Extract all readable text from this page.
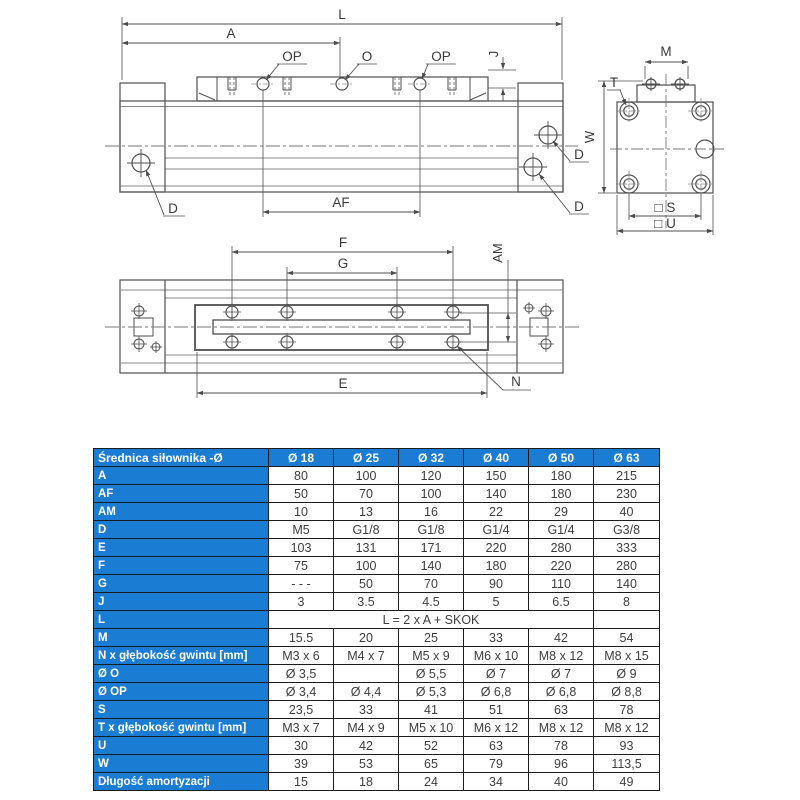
L
A
OP	O	OP	J
AF
D
D
D
M
T
W
□ S
□ U
F
G
AM
E	N
Średnica siłownika -Ø	Ø 18	Ø 25	Ø 32	Ø 40	Ø 50	Ø 63
A	80	100	120	150	180	215
AF	50	70	100	140	180	230
AM	10	13	16	22	29	40
D	M5	G1/8	G1/8	G1/4	G1/4	G3/8
E	103	131	171	220	280	333
F	75	100	140	180	220	280
G	- - -	50	70	90	110	140
J	3	3.5	4.5	5	6.5	8
L	L = 2 x A + SKOK					
M	15.5	20	25	33	42	54
N x głębokość gwintu [mm]	M3 x 6	M4 x 7	M5 x 9	M6 x 10	M8 x 12	M8 x 15
Ø O	Ø 3,5		Ø 5,5	Ø 7	Ø 7	Ø 9
Ø OP	Ø 3,4	Ø 4,4	Ø 5,3	Ø 6,8	Ø 6,8	Ø 8,8
S	23,5	33	41	51	63	78
T x głębokość gwintu [mm]	M3 x 7	M4 x 9	M5 x 10	M6 x 12	M8 x 12	M8 x 12
U	30	42	52	63	78	93
W	39	53	65	79	96	113,5
Długość amortyzacji	15	18	24	34	40	49
